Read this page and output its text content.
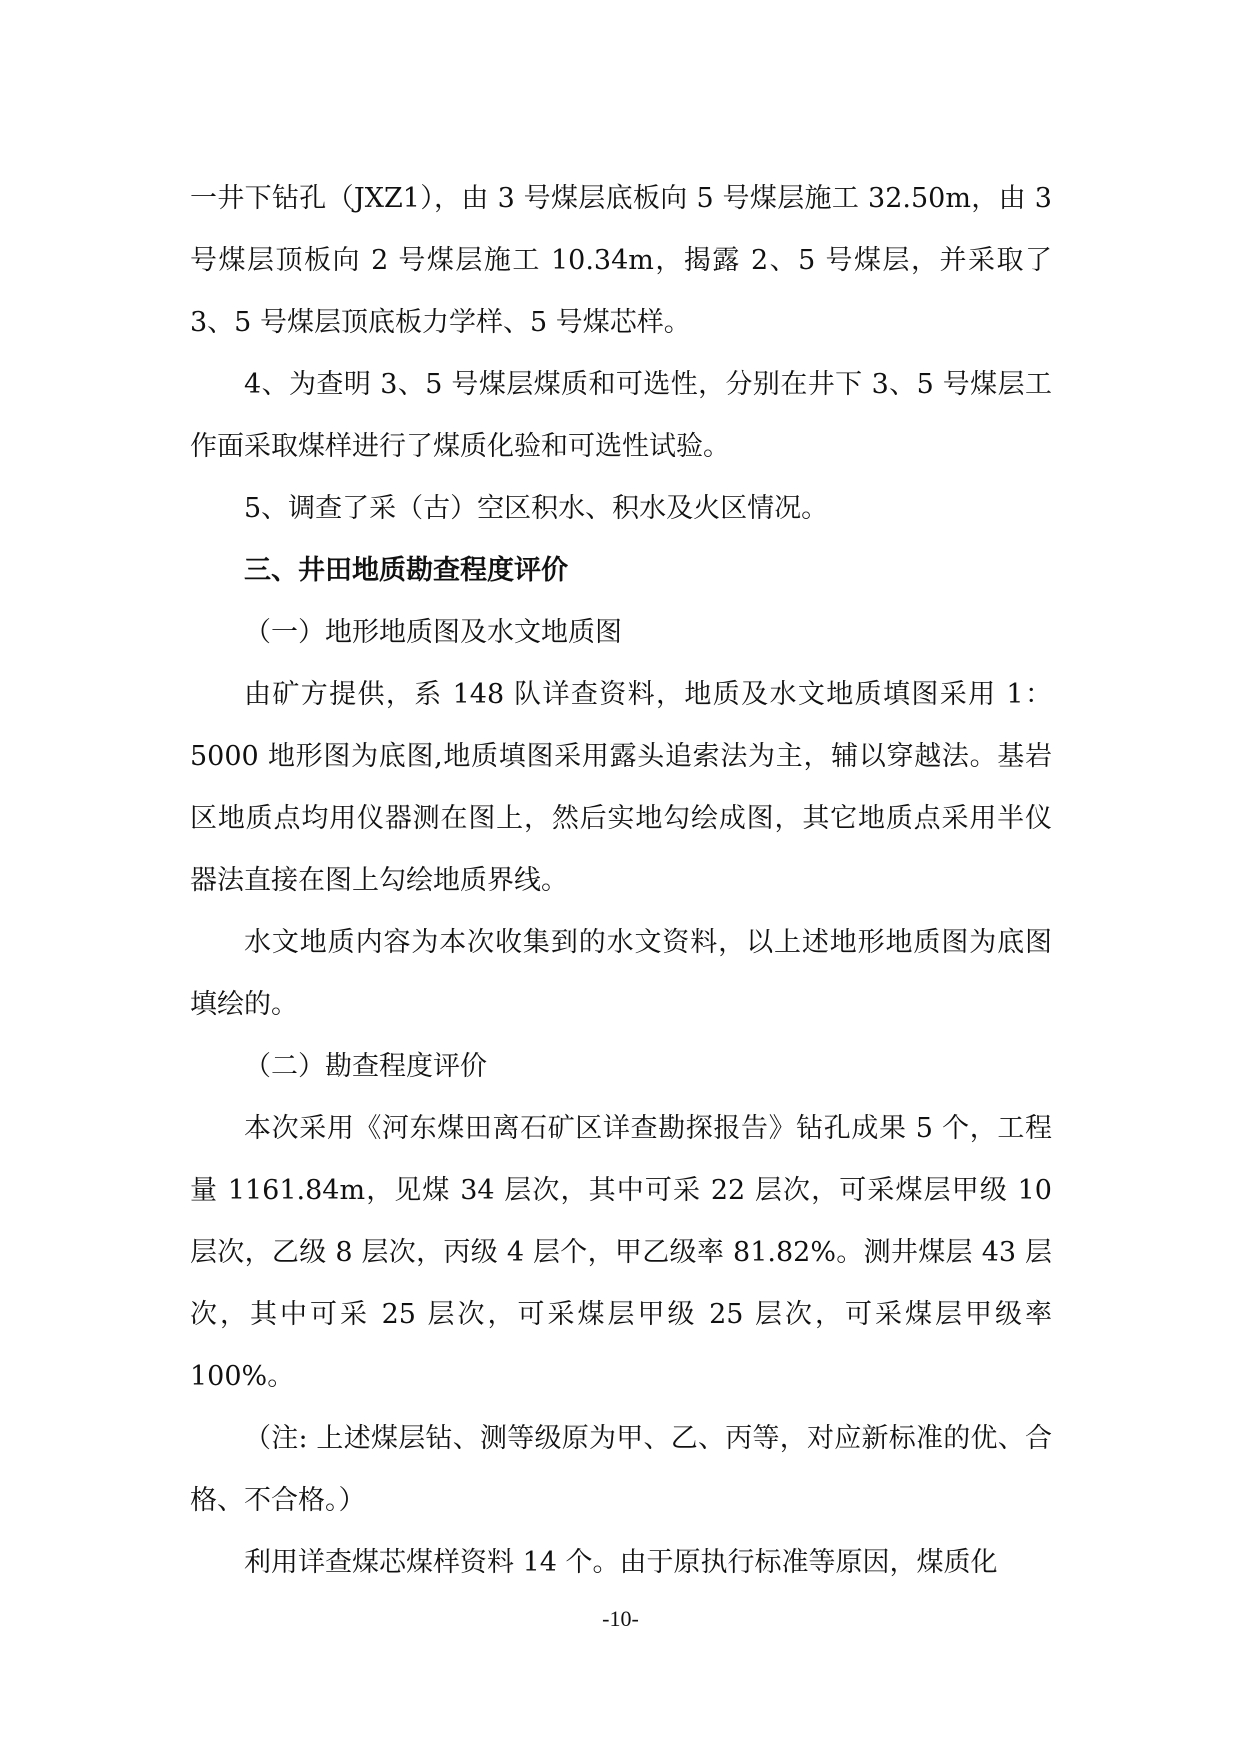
一井下钻孔（JXZ1），由 3 号煤层底板向 5 号煤层施工 32.50m，由 3 号煤层顶板向 2 号煤层施工 10.34m，揭露 2、5 号煤层，并采取了 3、5 号煤层顶底板力学样、5 号煤芯样。

4、为查明 3、5 号煤层煤质和可选性，分别在井下 3、5 号煤层工作面采取煤样进行了煤质化验和可选性试验。

5、调查了采（古）空区积水、积水及火区情况。

三、井田地质勘查程度评价

（一）地形地质图及水文地质图

由矿方提供，系 148 队详查资料，地质及水文地质填图采用 1：5000 地形图为底图,地质填图采用露头追索法为主，辅以穿越法。基岩区地质点均用仪器测在图上，然后实地勾绘成图，其它地质点采用半仪器法直接在图上勾绘地质界线。

水文地质内容为本次收集到的水文资料，以上述地形地质图为底图填绘的。

（二）勘查程度评价

本次采用《河东煤田离石矿区详查勘探报告》钻孔成果 5 个，工程量 1161.84m，见煤 34 层次，其中可采 22 层次，可采煤层甲级 10 层次，乙级 8 层次，丙级 4 层个，甲乙级率 81.82%。测井煤层 43 层次，其中可采 25 层次，可采煤层甲级 25 层次，可采煤层甲级率 100%。

（注: 上述煤层钻、测等级原为甲、乙、丙等，对应新标准的优、合格、不合格。）

利用详查煤芯煤样资料 14 个。由于原执行标准等原因，煤质化

-10-
